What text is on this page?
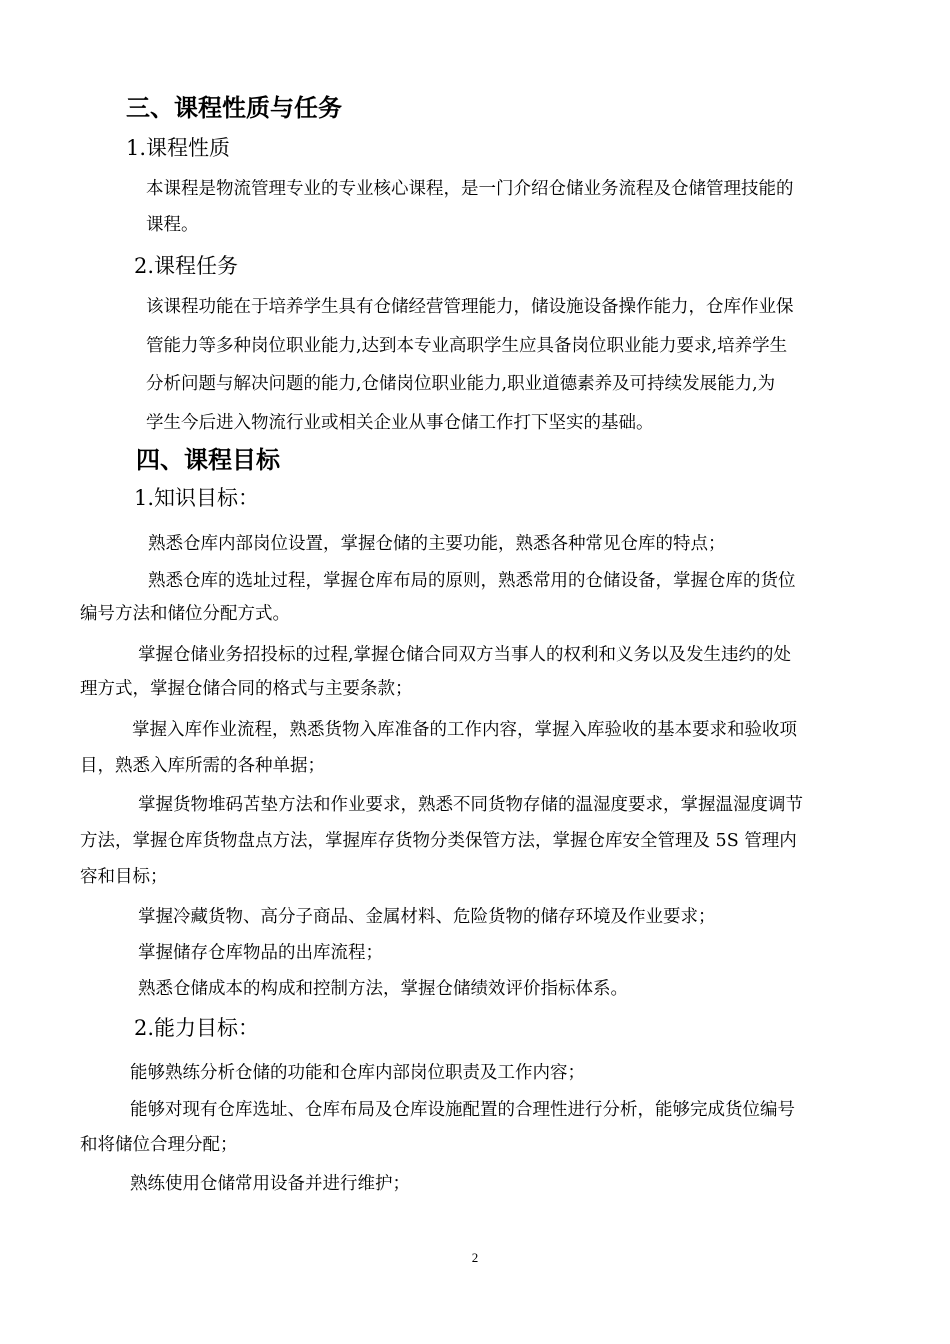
三、课程性质与任务
1.课程性质
本课程是物流管理专业的专业核心课程，是一门介绍仓储业务流程及仓储管理技能的
课程。
2.课程任务
该课程功能在于培养学生具有仓储经营管理能力，储设施设备操作能力，仓库作业保
管能力等多种岗位职业能力,达到本专业高职学生应具备岗位职业能力要求,培养学生
分析问题与解决问题的能力,仓储岗位职业能力,职业道德素养及可持续发展能力,为
学生今后进入物流行业或相关企业从事仓储工作打下坚实的基础。
四、课程目标
1.知识目标：
熟悉仓库内部岗位设置，掌握仓储的主要功能，熟悉各种常见仓库的特点；
熟悉仓库的选址过程，掌握仓库布局的原则，熟悉常用的仓储设备，掌握仓库的货位
编号方法和储位分配方式。
掌握仓储业务招投标的过程,掌握仓储合同双方当事人的权利和义务以及发生违约的处
理方式，掌握仓储合同的格式与主要条款；
掌握入库作业流程，熟悉货物入库准备的工作内容，掌握入库验收的基本要求和验收项
目，熟悉入库所需的各种单据；
掌握货物堆码苫垫方法和作业要求，熟悉不同货物存储的温湿度要求，掌握温湿度调节
方法，掌握仓库货物盘点方法，掌握库存货物分类保管方法，掌握仓库安全管理及 5S 管理内
容和目标；
掌握冷藏货物、高分子商品、金属材料、危险货物的储存环境及作业要求；
掌握储存仓库物品的出库流程；
熟悉仓储成本的构成和控制方法，掌握仓储绩效评价指标体系。
2.能力目标：
能够熟练分析仓储的功能和仓库内部岗位职责及工作内容；
能够对现有仓库选址、仓库布局及仓库设施配置的合理性进行分析，能够完成货位编号
和将储位合理分配；
熟练使用仓储常用设备并进行维护；
2
